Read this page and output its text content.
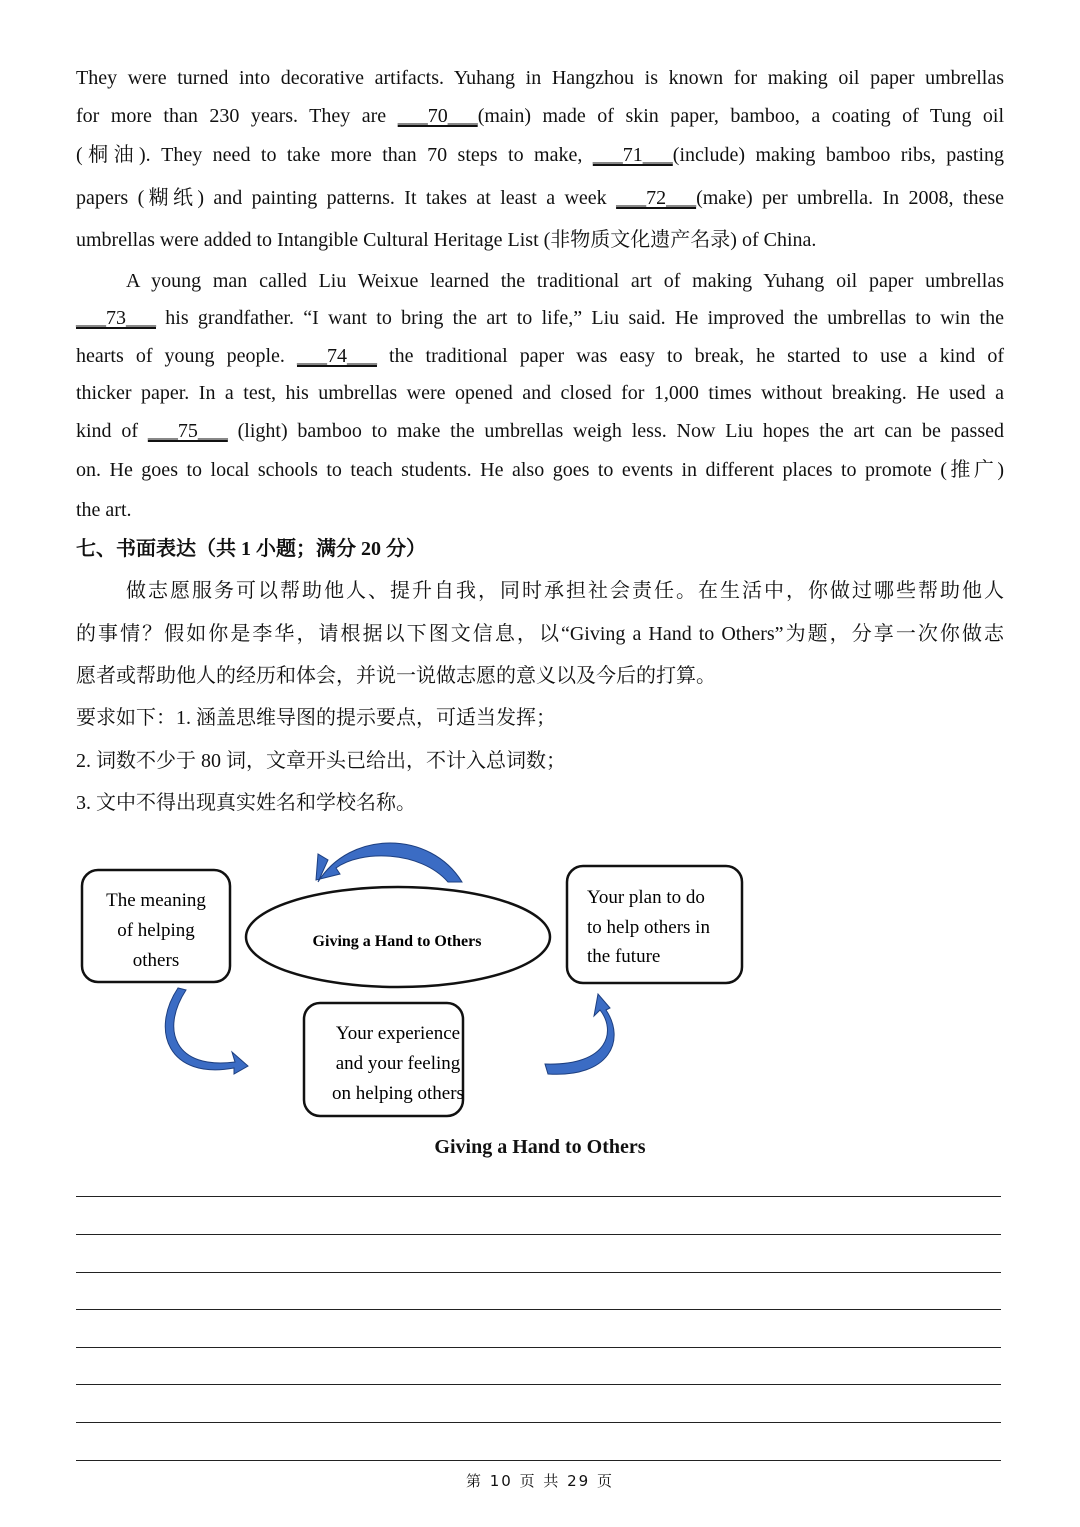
They were turned into decorative artifacts. Yuhang in Hangzhou is known for making oil paper umbrellas
for more than 230 years. They are ___70___(main) made of skin paper, bamboo, a coating of Tung oil
(桐油). They need to take more than 70 steps to make, ___71___(include) making bamboo ribs, pasting
papers (糊纸) and painting patterns. It takes at least a week ___72___(make) per umbrella. In 2008, these
umbrellas were added to Intangible Cultural Heritage List (非物质文化遗产名录) of China.
A young man called Liu Weixue learned the traditional art of making Yuhang oil paper umbrellas
___73___ his grandfather. “I want to bring the art to life,” Liu said. He improved the umbrellas to win the
hearts of young people. ___74___ the traditional paper was easy to break, he started to use a kind of
thicker paper. In a test, his umbrellas were opened and closed for 1,000 times without breaking. He used a
kind of ___75___ (light) bamboo to make the umbrellas weigh less. Now Liu hopes the art can be passed
on. He goes to local schools to teach students. He also goes to events in different places to promote (推广)
the art.
七、书面表达（共 1 小题；满分 20 分）
做志愿服务可以帮助他人、提升自我，同时承担社会责任。在生活中，你做过哪些帮助他人
的事情？假如你是李华，请根据以下图文信息，以“Giving a Hand to Others”为题，分享一次你做志
愿者或帮助他人的经历和体会，并说一说做志愿的意义以及今后的打算。
要求如下：1. 涵盖思维导图的提示要点，可适当发挥；
2. 词数不少于 80 词，文章开头已给出，不计入总词数；
3. 文中不得出现真实姓名和学校名称。
Giving a Hand to Others
The meaning
of helping
others
Your plan to do
to help others in
the future
Your experience
and your feeling
on helping others
Giving a Hand to Others
第 10 页 共 29 页
